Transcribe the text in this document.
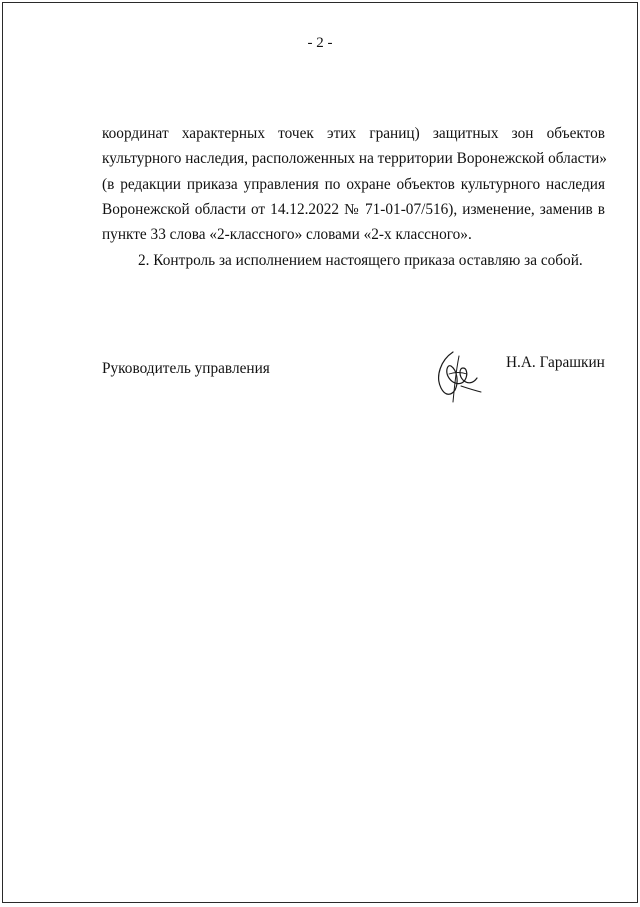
- 2 -
координат характерных точек этих границ) защитных зон объектов
культурного наследия, расположенных на территории Воронежской области»
(в редакции приказа управления по охране объектов культурного наследия
Воронежской области от 14.12.2022 № 71-01-07/516), изменение, заменив в
пункте 33 слова «2-классного» словами «2-х классного».
2. Контроль за исполнением настоящего приказа оставляю за собой.
Руководитель управления	Н.А. Гарашкин
